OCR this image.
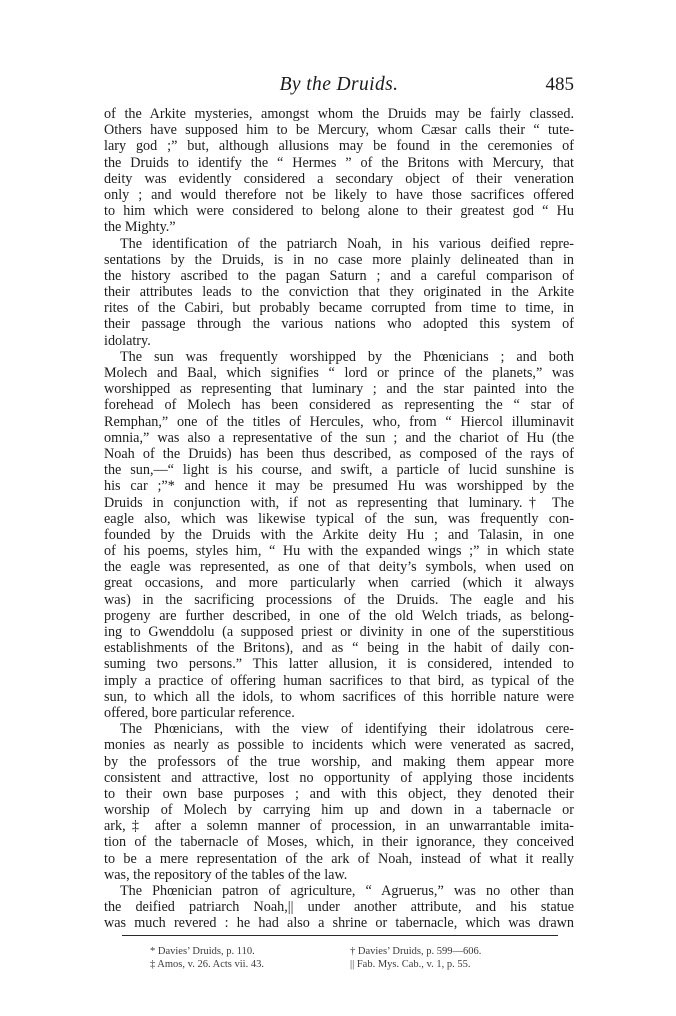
By the Druids.	485
of the Arkite mysteries, amongst whom the Druids may be fairly classed.
Others have supposed him to be Mercury, whom Cæsar calls their “ tute-
lary god ;” but, although allusions may be found in the ceremonies of
the Druids to identify the “ Hermes ” of the Britons with Mercury, that
deity was evidently considered a secondary object of their veneration
only ; and would therefore not be likely to have those sacrifices offered
to him which were considered to belong alone to their greatest god “ Hu
the Mighty.”
The identification of the patriarch Noah, in his various deified repre-
sentations by the Druids, is in no case more plainly delineated than in
the history ascribed to the pagan Saturn ; and a careful comparison of
their attributes leads to the conviction that they originated in the Arkite
rites of the Cabiri, but probably became corrupted from time to time, in
their passage through the various nations who adopted this system of
idolatry.
The sun was frequently worshipped by the Phœnicians ; and both
Molech and Baal, which signifies “ lord or prince of the planets,” was
worshipped as representing that luminary ; and the star painted into the
forehead of Molech has been considered as representing the “ star of
Remphan,” one of the titles of Hercules, who, from “ Hiercol illuminavit
omnia,” was also a representative of the sun ; and the chariot of Hu (the
Noah of the Druids) has been thus described, as composed of the rays of
the sun,—“ light is his course, and swift, a particle of lucid sunshine is
his car ;”* and hence it may be presumed Hu was worshipped by the
Druids in conjunction with, if not as representing that luminary.† The
eagle also, which was likewise typical of the sun, was frequently con-
founded by the Druids with the Arkite deity Hu ; and Talasin, in one
of his poems, styles him, “ Hu with the expanded wings ;” in which state
the eagle was represented, as one of that deity’s symbols, when used on
great occasions, and more particularly when carried (which it always
was) in the sacrificing processions of the Druids. The eagle and his
progeny are further described, in one of the old Welch triads, as belong-
ing to Gwenddolu (a supposed priest or divinity in one of the superstitious
establishments of the Britons), and as “ being in the habit of daily con-
suming two persons.” This latter allusion, it is considered, intended to
imply a practice of offering human sacrifices to that bird, as typical of the
sun, to which all the idols, to whom sacrifices of this horrible nature were
offered, bore particular reference.
The Phœnicians, with the view of identifying their idolatrous cere-
monies as nearly as possible to incidents which were venerated as sacred,
by the professors of the true worship, and making them appear more
consistent and attractive, lost no opportunity of applying those incidents
to their own base purposes ; and with this object, they denoted their
worship of Molech by carrying him up and down in a tabernacle or
ark,‡ after a solemn manner of procession, in an unwarrantable imita-
tion of the tabernacle of Moses, which, in their ignorance, they conceived
to be a mere representation of the ark of Noah, instead of what it really
was, the repository of the tables of the law.
The Phœnician patron of agriculture, “ Agruerus,” was no other than
the deified patriarch Noah,|| under another attribute, and his statue
was much revered : he had also a shrine or tabernacle, which was drawn
* Davies’ Druids, p. 110.	† Davies’ Druids, p. 599—606.
‡ Amos, v. 26. Acts vii. 43.	|| Fab. Mys. Cab., v. 1, p. 55.
